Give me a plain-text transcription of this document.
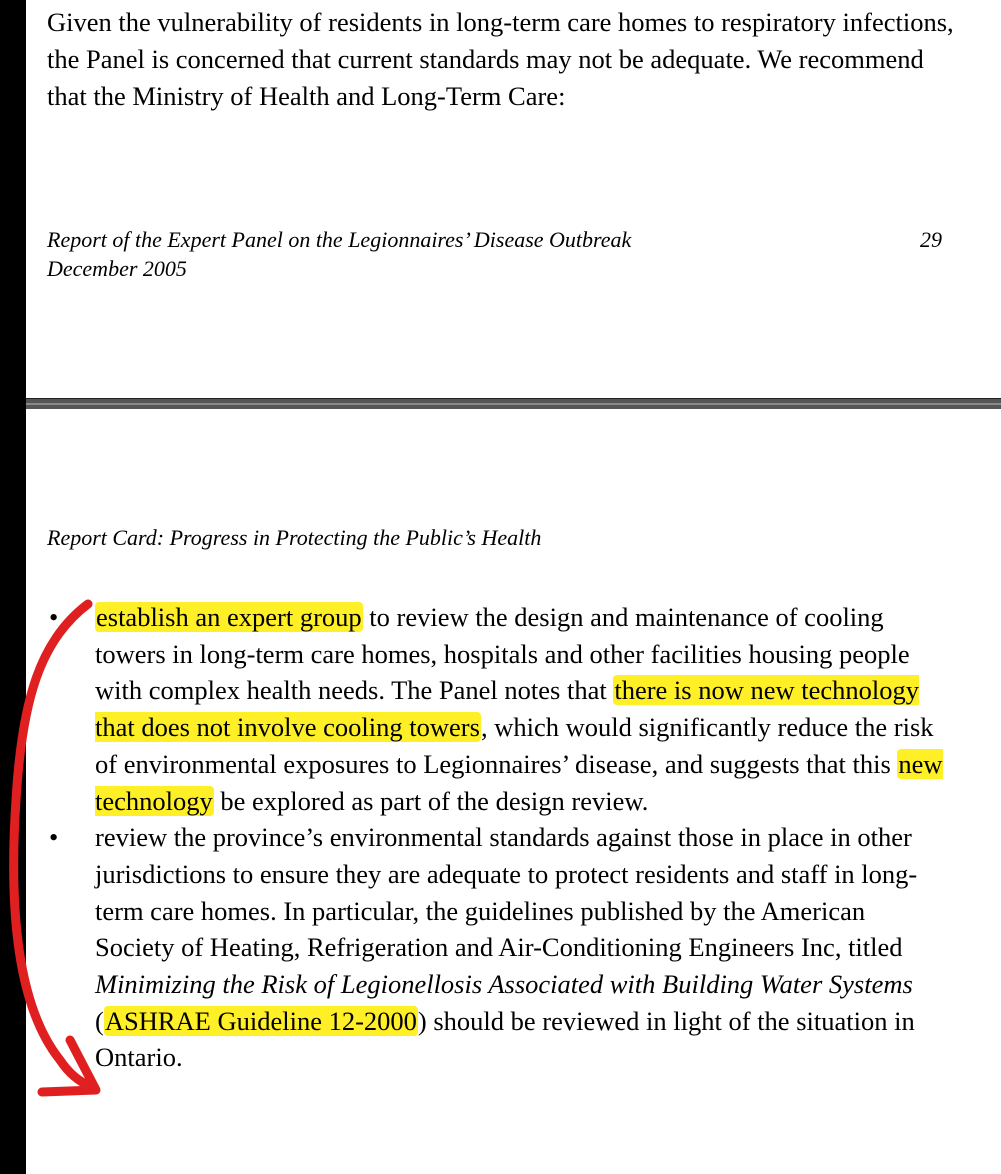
Given the vulnerability of residents in long-term care homes to respiratory infections, the Panel is concerned that current standards may not be adequate. We recommend that the Ministry of Health and Long-Term Care:

Report of the Expert Panel on the Legionnaires’ Disease Outbreak
December 2005
29
Report Card: Progress in Protecting the Public’s Health
• establish an expert group to review the design and maintenance of cooling towers in long-term care homes, hospitals and other facilities housing people with complex health needs. The Panel notes that there is now new technology that does not involve cooling towers, which would significantly reduce the risk of environmental exposures to Legionnaires’ disease, and suggests that this new technology be explored as part of the design review.
• review the province’s environmental standards against those in place in other jurisdictions to ensure they are adequate to protect residents and staff in long-term care homes. In particular, the guidelines published by the American Society of Heating, Refrigeration and Air-Conditioning Engineers Inc, titled Minimizing the Risk of Legionellosis Associated with Building Water Systems (ASHRAE Guideline 12-2000) should be reviewed in light of the situation in Ontario.
